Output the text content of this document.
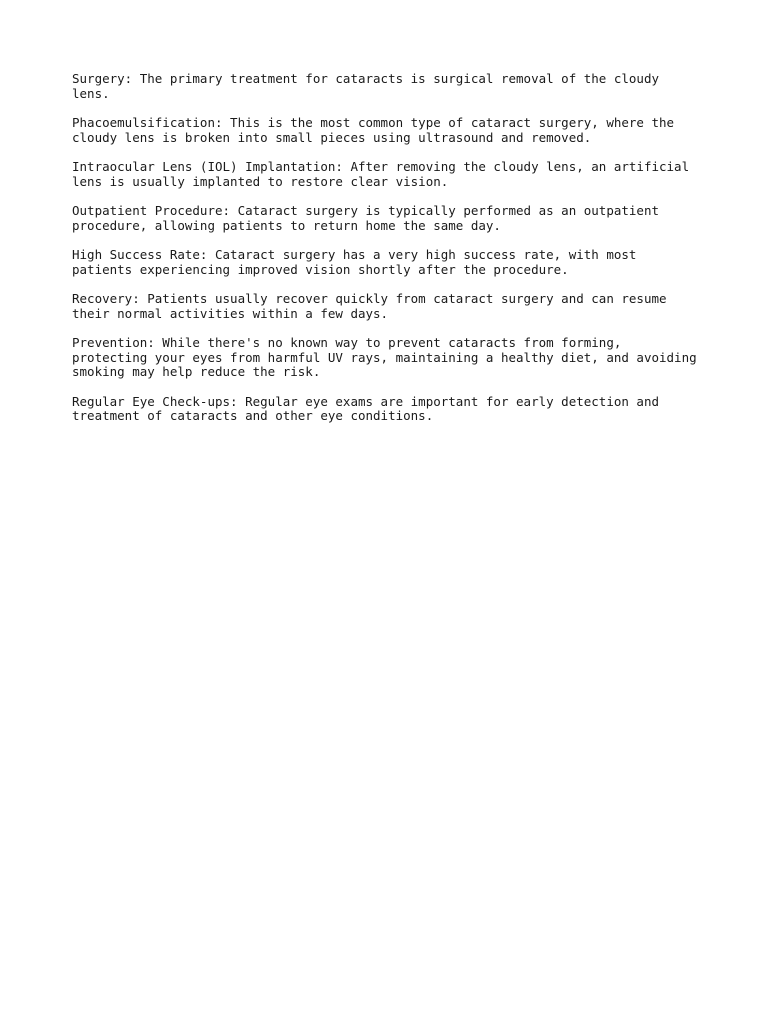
Surgery: The primary treatment for cataracts is surgical removal of the cloudy
lens.

Phacoemulsification: This is the most common type of cataract surgery, where the
cloudy lens is broken into small pieces using ultrasound and removed.

Intraocular Lens (IOL) Implantation: After removing the cloudy lens, an artificial
lens is usually implanted to restore clear vision.

Outpatient Procedure: Cataract surgery is typically performed as an outpatient
procedure, allowing patients to return home the same day.

High Success Rate: Cataract surgery has a very high success rate, with most
patients experiencing improved vision shortly after the procedure.

Recovery: Patients usually recover quickly from cataract surgery and can resume
their normal activities within a few days.

Prevention: While there's no known way to prevent cataracts from forming,
protecting your eyes from harmful UV rays, maintaining a healthy diet, and avoiding
smoking may help reduce the risk.

Regular Eye Check-ups: Regular eye exams are important for early detection and
treatment of cataracts and other eye conditions.
